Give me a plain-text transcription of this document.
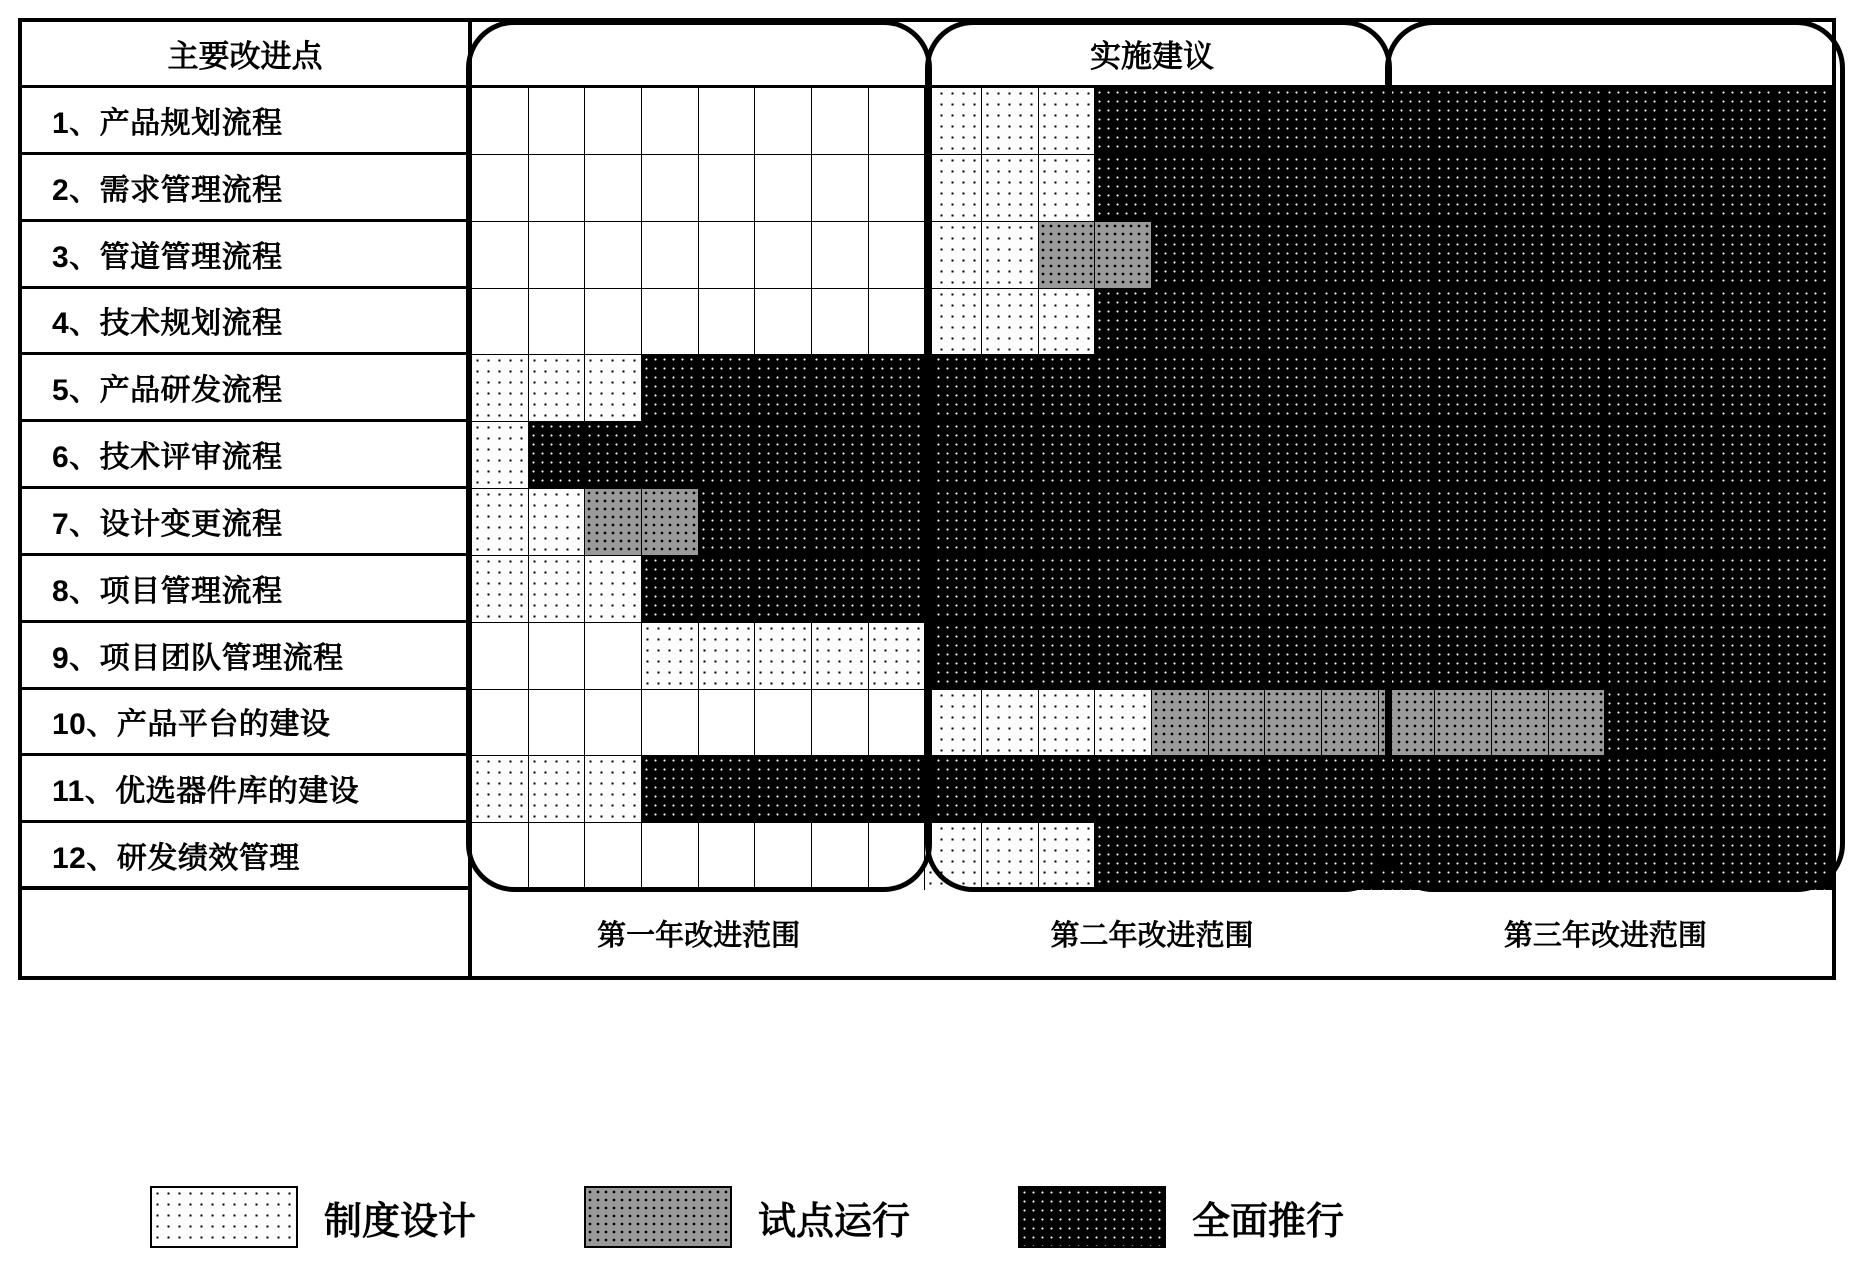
主要改进点	实施建议
1、产品规划流程
2、需求管理流程
3、管道管理流程
4、技术规划流程
5、产品研发流程
6、技术评审流程
7、设计变更流程
8、项目管理流程
9、项目团队管理流程
10、产品平台的建设
11、优选器件库的建设
12、研发绩效管理
第一年改进范围	第二年改进范围	第三年改进范围
制度设计	试点运行	全面推行
